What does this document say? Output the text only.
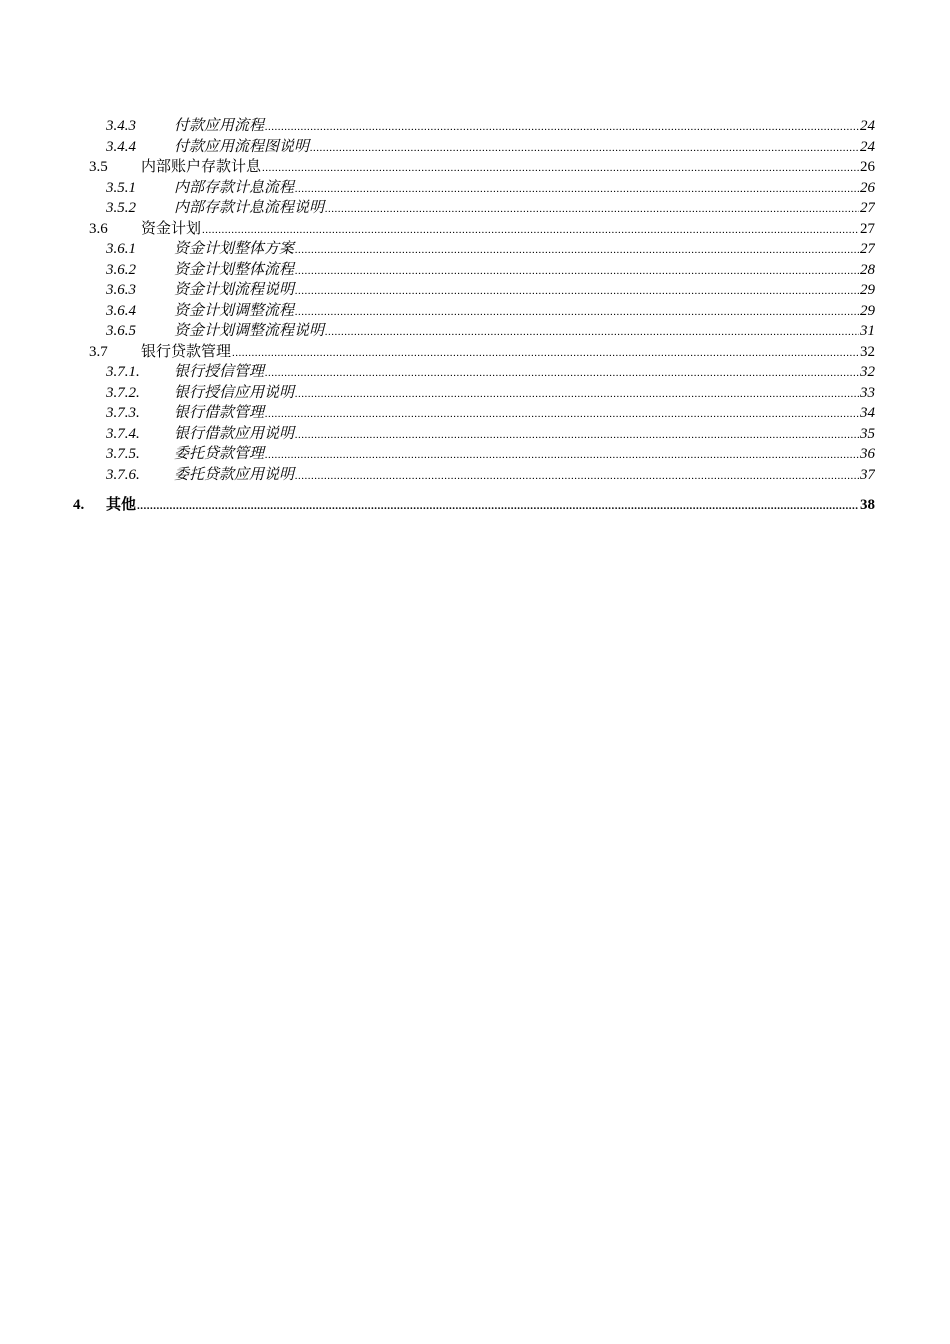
3.4.3	付款应用流程 .....	24
3.4.4	付款应用流程图说明 .....	24
3.5 内部账户存款计息 .....	26
3.5.1	内部存款计息流程 .....	26
3.5.2	内部存款计息流程说明 .....	27
3.6 资金计划 .....	27
3.6.1	资金计划整体方案 .....	27
3.6.2	资金计划整体流程 .....	28
3.6.3	资金计划流程说明 .....	29
3.6.4	资金计划调整流程 .....	29
3.6.5	资金计划调整流程说明 .....	31
3.7 银行贷款管理 .....	32
3.7.1. 银行授信管理 .....	32
3.7.2. 银行授信应用说明 .....	33
3.7.3. 银行借款管理 .....	34
3.7.4. 银行借款应用说明 .....	35
3.7.5. 委托贷款管理 .....	36
3.7.6. 委托贷款应用说明 .....	37
4. 其他 .....	38
